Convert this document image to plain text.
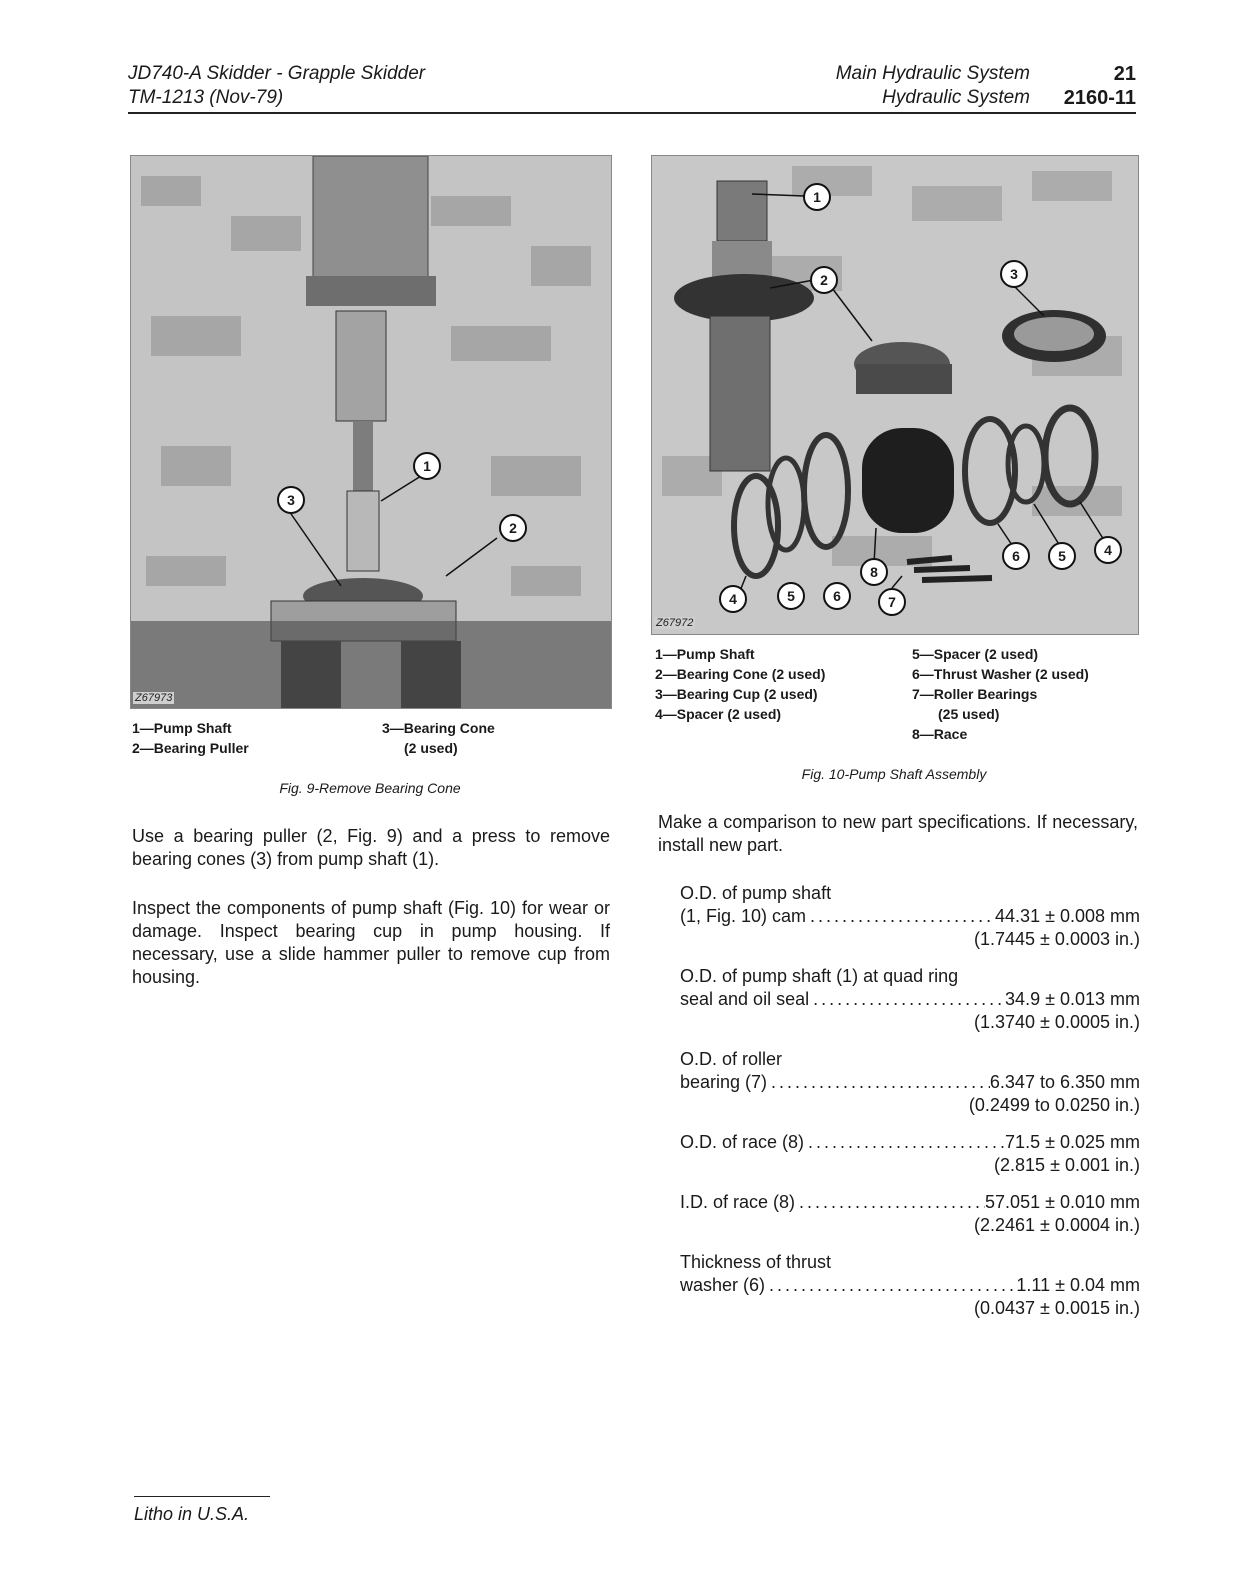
JD740-A Skidder - Grapple Skidder
TM-1213 (Nov-79)
Main Hydraulic System
Hydraulic System
21
2160-11
1
2
3
Z67973
1—Pump Shaft
2—Bearing Puller
3—Bearing Cone
(2 used)
Fig. 9-Remove Bearing Cone
Use a bearing puller (2, Fig. 9) and a press to remove bearing cones (3) from pump shaft (1).
Inspect the components of pump shaft (Fig. 10) for wear or damage. Inspect bearing cup in pump housing. If necessary, use a slide hammer puller to remove cup from housing.
1
2	3
4	5	6
8
7
6	5	4
Z67972
1—Pump Shaft
2—Bearing Cone (2 used)
3—Bearing Cup (2 used)
4—Spacer (2 used)
5—Spacer (2 used)
6—Thrust Washer (2 used)
7—Roller Bearings
(25 used)
8—Race
Fig. 10-Pump Shaft Assembly
Make a comparison to new part specifications. If necessary, install new part.
O.D. of pump shaft
(1, Fig. 10) cam .....	44.31 ± 0.008 mm
(1.7445 ± 0.0003 in.)
O.D. of pump shaft (1) at quad ring
seal and oil seal .....	34.9 ± 0.013 mm
(1.3740 ± 0.0005 in.)
O.D. of roller
bearing (7) .....	6.347 to 6.350 mm
(0.2499 to 0.0250 in.)
O.D. of race (8) .....	71.5 ± 0.025 mm
(2.815 ± 0.001 in.)
I.D. of race (8) .....	57.051 ± 0.010 mm
(2.2461 ± 0.0004 in.)
Thickness of thrust
washer (6) .....	1.11 ± 0.04 mm
(0.0437 ± 0.0015 in.)
Litho in U.S.A.
